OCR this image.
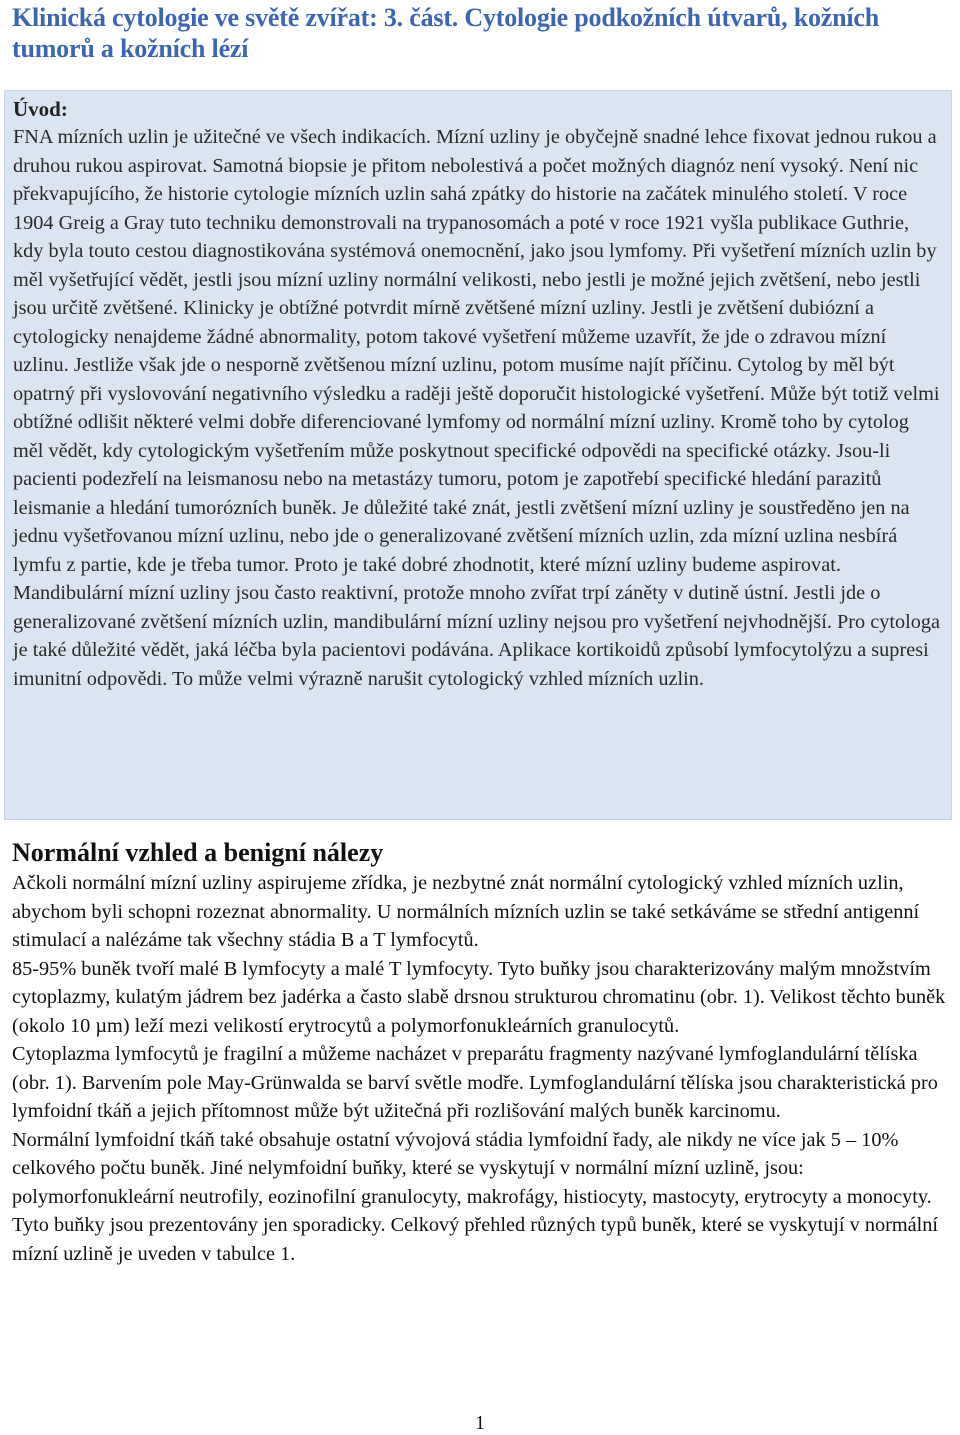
Klinická cytologie ve světě zvířat: 3. část. Cytologie podkožních útvarů, kožních tumorů a kožních lézí
Úvod:

FNA mízních uzlin je užitečné ve všech indikacích. Mízní uzliny je obyčejně snadné lehce fixovat jednou rukou a druhou rukou aspirovat. Samotná biopsie je přitom nebolestivá a počet možných diagnóz není vysoký. Není nic překvapujícího, že historie cytologie mízních uzlin sahá zpátky do historie na začátek minulého století. V roce 1904 Greig a Gray tuto techniku demonstrovali na trypanosomách a poté v roce 1921 vyšla publikace Guthrie, kdy byla touto cestou diagnostikována systémová onemocnění, jako jsou lymfomy. Při vyšetření mízních uzlin by měl vyšetřující vědět, jestli jsou mízní uzliny normální velikosti, nebo jestli je možné jejich zvětšení, nebo jestli jsou určitě zvětšené. Klinicky je obtížné potvrdit mírně zvětšené mízní uzliny. Jestli je zvětšení dubiózní a cytologicky nenajdeme žádné abnormality, potom takové vyšetření můžeme uzavřít, že jde o zdravou mízní uzlinu. Jestliže však jde o nesporně zvětšenou mízní uzlinu, potom musíme najít příčinu. Cytolog by měl být opatrný při vyslovování negativního výsledku a raději ještě doporučit histologické vyšetření. Může být totiž velmi obtížné odlišit některé velmi dobře diferenciované lymfomy od normální mízní uzliny. Kromě toho by cytolog měl vědět, kdy cytologickým vyšetřením může poskytnout specifické odpovědi na specifické otázky. Jsou-li pacienti podezřelí na leismanosu nebo na metastázy tumoru, potom je zapotřebí specifické hledání parazitů leismanie a hledání tumorózních buněk. Je důležité také znát, jestli zvětšení mízní uzliny je soustředěno jen na jednu vyšetřovanou mízní uzlinu, nebo jde o generalizované zvětšení mízních uzlin, zda mízní uzlina nesbírá lymfu z partie, kde je třeba tumor. Proto je také dobré zhodnotit, které mízní uzliny budeme aspirovat. Mandibulární mízní uzliny jsou často reaktivní, protože mnoho zvířat trpí záněty v dutině ústní. Jestli jde o generalizované zvětšení mízních uzlin, mandibulární mízní uzliny nejsou pro vyšetření nejvhodnější. Pro cytologa je také důležité vědět, jaká léčba byla pacientovi podávána. Aplikace kortikoidů způsobí lymfocytolýzu a supresi imunitní odpovědi. To může velmi výrazně narušit cytologický vzhled mízních uzlin.

Normální vzhled a benigní nálezy

Ačkoli normální mízní uzliny aspirujeme zřídka, je nezbytné znát normální cytologický vzhled mízních uzlin, abychom byli schopni rozeznat abnormality. U normálních mízních uzlin se také setkáváme se střední antigenní stimulací a nalézáme tak všechny stádia B a T lymfocytů.

85-95% buněk tvoří malé B lymfocyty a malé T lymfocyty. Tyto buňky jsou charakterizovány malým množstvím cytoplazmy, kulatým jádrem bez jadérka a často slabě drsnou strukturou chromatinu (obr. 1). Velikost těchto buněk (okolo 10 µm) leží mezi velikostí erytrocytů a polymorfonukleárních granulocytů.

Cytoplazma lymfocytů je fragilní a můžeme nacházet v preparátu fragmenty nazývané lymfoglandulární tělíska (obr. 1). Barvením pole May-Grünwalda se barví světle modře. Lymfoglandulární tělíska jsou charakteristická pro lymfoidní tkáň a jejich přítomnost může být užitečná při rozlišování malých buněk karcinomu.

Normální lymfoidní tkáň také obsahuje ostatní vývojová stádia lymfoidní řady, ale nikdy ne více jak 5 – 10% celkového počtu buněk. Jiné nelymfoidní buňky, které se vyskytují v normální mízní uzlině, jsou: polymorfonukleární neutrofily, eozinofilní granulocyty, makrofágy, histiocyty, mastocyty, erytrocyty a monocyty. Tyto buňky jsou prezentovány jen sporadicky. Celkový přehled různých typů buněk, které se vyskytují v normální mízní uzlině je uveden v tabulce 1.

1
